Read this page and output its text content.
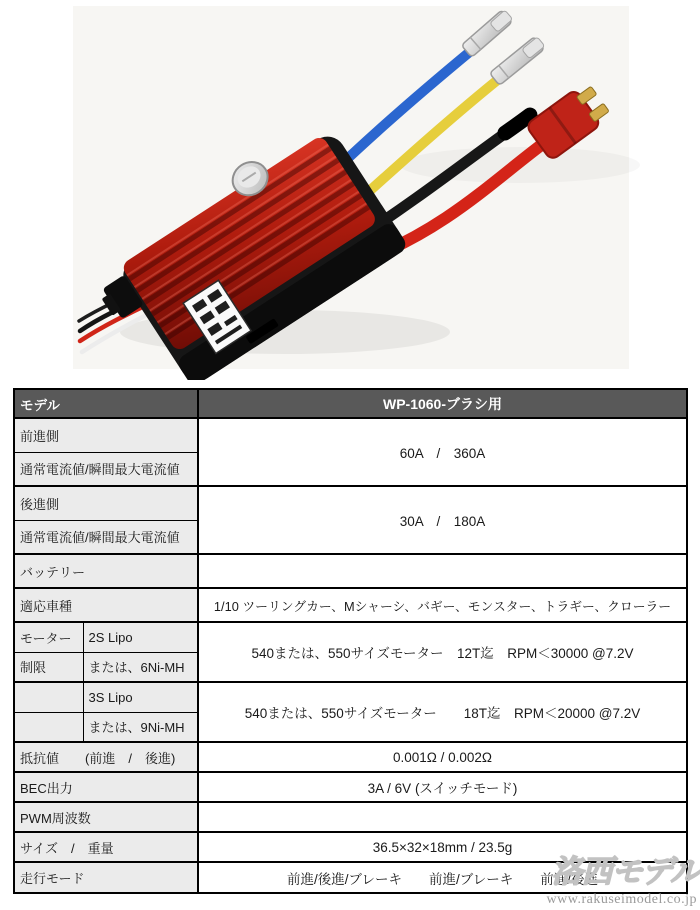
モデル		WP-1060-ブラシ用
前進側		60A　/　360A
通常電流値/瞬間最大電流値		
後進側		30A　/　180A
通常電流値/瞬間最大電流値		
バッテリー		
適応車種		1/10 ツーリングカー、Mシャーシ、バギー、モンスター、トラギー、クローラー
モーター	2S Lipo	540または、550サイズモーター　12T迄　RPM＜30000 @7.2V
制限	または、6Ni-MH	
	3S Lipo	540または、550サイズモーター　　18T迄　RPM＜20000 @7.2V
	または、9Ni-MH	
抵抗値　　(前進　/　後進)		0.001Ω / 0.002Ω
BEC出力		3A / 6V (スイッチモード)
PWM周波数		
サイズ　/　重量		36.5×32×18mm / 23.5g
走行モード		前進/後進/ブレーキ　　前進/ブレーキ　　前進/後進
洛西モデル
www.rakuseimodel.co.jp
